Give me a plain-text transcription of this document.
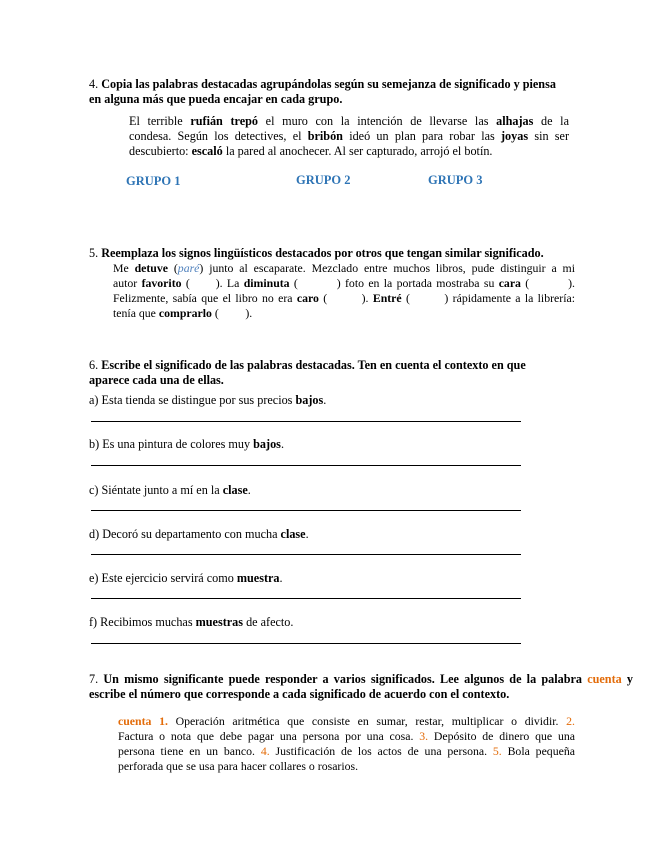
4. Copia las palabras destacadas agrupándolas según su semejanza de significado y piensa
en alguna más que pueda encajar en cada grupo.
El terrible rufián trepó el muro con la intención de llevarse las alhajas de la
condesa. Según los detectives, el bribón ideó un plan para robar las joyas sin ser
descubierto: escaló la pared al anochecer. Al ser capturado, arrojó el botín.
GRUPO 1	GRUPO 2	GRUPO 3
5. Reemplaza los signos lingüísticos destacados por otros que tengan similar significado.
Me detuve (paré) junto al escaparate. Mezclado entre muchos libros, pude distinguir a mi
autor favorito (      ). La diminuta (         ) foto en la portada mostraba su cara (         ).
Felizmente, sabía que el libro no era caro (        ). Entré (        ) rápidamente a la librería:
tenía que comprarlo (         ).
6. Escribe el significado de las palabras destacadas. Ten en cuenta el contexto en que
aparece cada una de ellas.
a) Esta tienda se distingue por sus precios bajos.
b) Es una pintura de colores muy bajos.
c) Siéntate junto a mí en la clase.
d) Decoró su departamento con mucha clase.
e) Este ejercicio servirá como muestra.
f) Recibimos muchas muestras de afecto.
7. Un mismo significante puede responder a varios significados. Lee algunos de la palabra cuenta y
escribe el número que corresponde a cada significado de acuerdo con el contexto.
cuenta 1. Operación aritmética que consiste en sumar, restar, multiplicar o dividir. 2.
Factura o nota que debe pagar una persona por una cosa. 3. Depósito de dinero que una
persona tiene en un banco. 4. Justificación de los actos de una persona. 5. Bola pequeña
perforada que se usa para hacer collares o rosarios.
